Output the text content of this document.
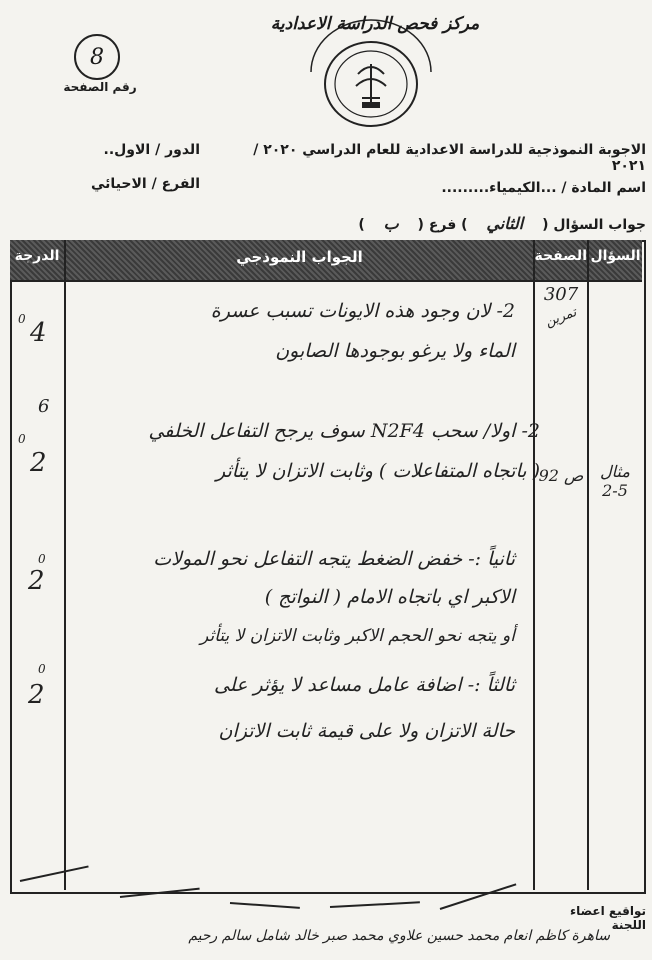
مركز فحص الدراسة الاعدادية
8
رقم الصفحة
الاجوبة النموذجية للدراسة الاعدادية للعام الدراسي ٢٠٢٠ / ٢٠٢١
الدور / الاول..
اسم المادة / ...الكيمياء.........
الفرع / الاحيائي
جواب السؤال ( الثاني ) فرع ( ب )
السؤال
الصفحة
الجواب النموذجي
الدرجة
307
تمرين
2- لان وجود هذه الايونات تسبب عسرة
الماء ولا يرغو بوجودها الصابون
0 4
مثال 5-2
ص 92
2- اولا/ سحب N2F4 سوف يرجح التفاعل الخلفي
( باتجاه المتفاعلات ) وثابت الاتزان لا يتأثر
6
0
2
ثانياً :- خفض الضغط يتجه التفاعل نحو المولات
الاكبر اي باتجاه الامام ( النواتج )
أو يتجه نحو الحجم الاكبر وثابت الاتزان لا يتأثر
0
2
ثالثاً :- اضافة عامل مساعد لا يؤثر على
حالة الاتزان ولا على قيمة ثابت الاتزان
0
2
تواقيع اعضاء اللجنة
ساهرة كاظم انعام محمد حسين علاوي محمد صبر خالد شامل سالم رحيم
